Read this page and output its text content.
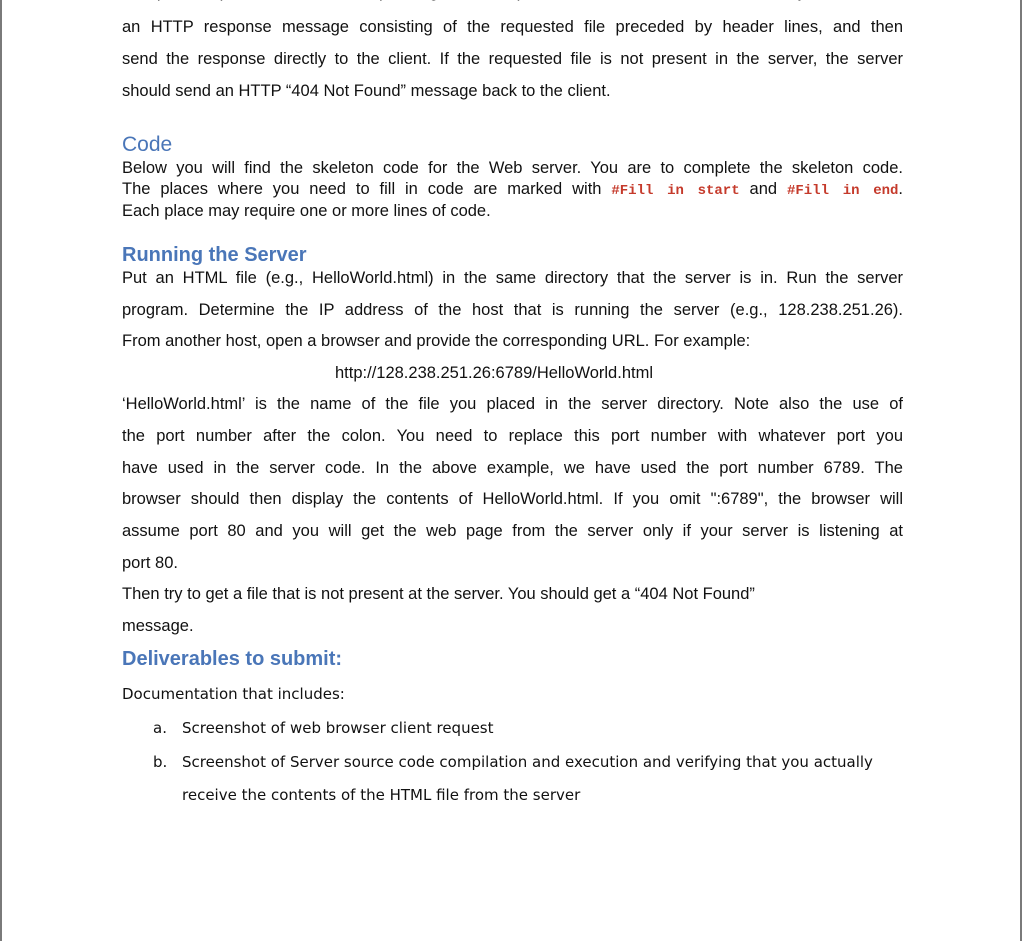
an HTTP response message consisting of the requested file preceded by header lines, and then
send the response directly to the client. If the requested file is not present in the server, the server
should send an HTTP “404 Not Found” message back to the client.
Code
Below you will find the skeleton code for the Web server. You are to complete the skeleton code.
The places where you need to fill in code are marked with #Fill in start and #Fill in end.
Each place may require one or more lines of code.
Running the Server
Put an HTML file (e.g., HelloWorld.html) in the same directory that the server is in. Run the server
program. Determine the IP address of the host that is running the server (e.g., 128.238.251.26).
From another host, open a browser and provide the corresponding URL. For example:
http://128.238.251.26:6789/HelloWorld.html
‘HelloWorld.html’ is the name of the file you placed in the server directory. Note also the use of
the port number after the colon. You need to replace this port number with whatever port you
have used in the server code. In the above example, we have used the port number 6789. The
browser should then display the contents of HelloWorld.html. If you omit ":6789", the browser will
assume port 80 and you will get the web page from the server only if your server is listening at
port 80.
Then try to get a file that is not present at the server. You should get a “404 Not Found”
message.
Deliverables to submit:
Documentation that includes:
a. Screenshot of web browser client request
b. Screenshot of Server source code compilation and execution and verifying that you actually
receive the contents of the HTML file from the server
